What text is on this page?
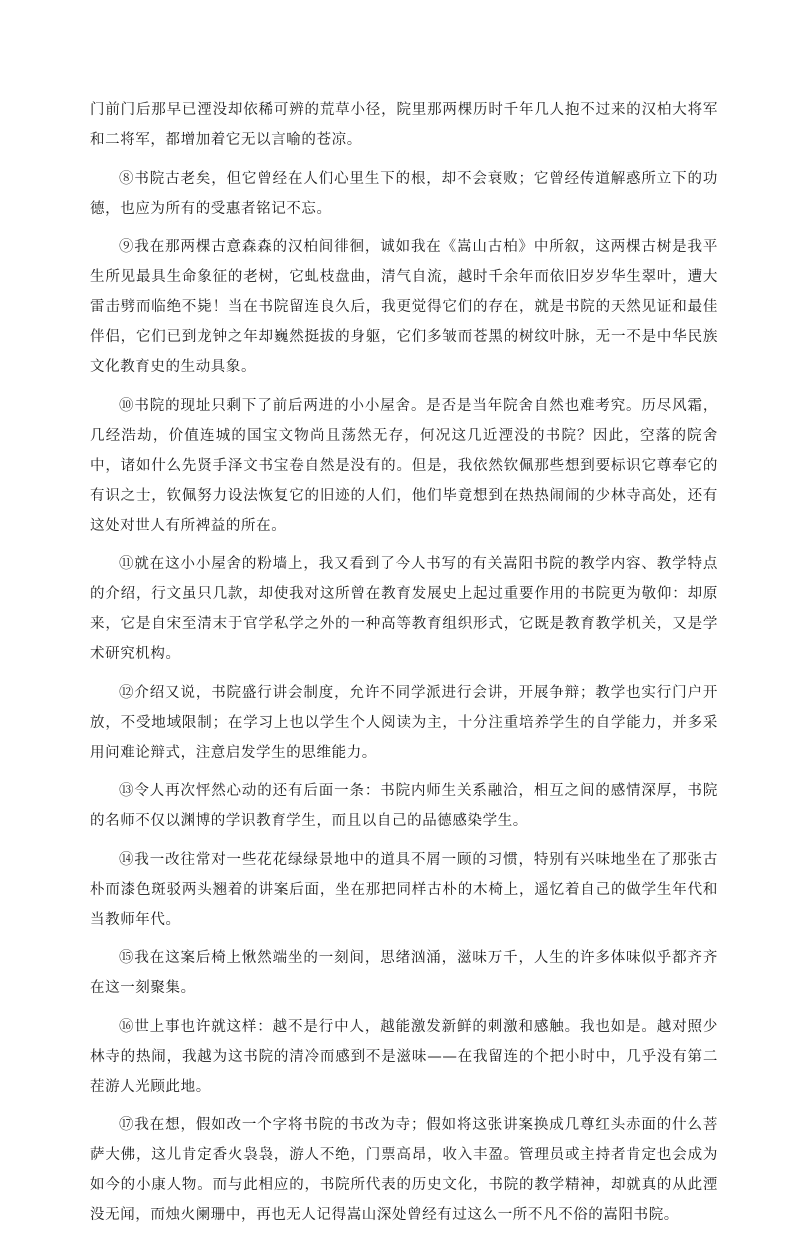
门前门后那早已湮没却依稀可辨的荒草小径，院里那两棵历时千年几人抱不过来的汉柏大将军和二将军，都增加着它无以言喻的苍凉。

⑧书院古老矣，但它曾经在人们心里生下的根，却不会衰败；它曾经传道解惑所立下的功德，也应为所有的受惠者铭记不忘。

⑨我在那两棵古意森森的汉柏间徘徊，诚如我在《嵩山古柏》中所叙，这两棵古树是我平生所见最具生命象征的老树，它虬枝盘曲，清气自流，越时千余年而依旧岁岁华生翠叶，遭大雷击劈而临绝不毙！当在书院留连良久后，我更觉得它们的存在，就是书院的天然见证和最佳伴侣，它们已到龙钟之年却巍然挺拔的身躯，它们多皱而苍黑的树纹叶脉，无一不是中华民族文化教育史的生动具象。

⑩书院的现址只剩下了前后两进的小小屋舍。是否是当年院舍自然也难考究。历尽风霜，几经浩劫，价值连城的国宝文物尚且荡然无存，何况这几近湮没的书院？因此，空落的院舍中，诸如什么先贤手泽文书宝卷自然是没有的。但是，我依然钦佩那些想到要标识它尊奉它的有识之士，钦佩努力设法恢复它的旧迹的人们，他们毕竟想到在热热闹闹的少林寺高处，还有这处对世人有所裨益的所在。

⑪就在这小小屋舍的粉墙上，我又看到了今人书写的有关嵩阳书院的教学内容、教学特点的介绍，行文虽只几款，却使我对这所曾在教育发展史上起过重要作用的书院更为敬仰：却原来，它是自宋至清末于官学私学之外的一种高等教育组织形式，它既是教育教学机关，又是学术研究机构。

⑫介绍又说，书院盛行讲会制度，允许不同学派进行会讲，开展争辩；教学也实行门户开放，不受地域限制；在学习上也以学生个人阅读为主，十分注重培养学生的自学能力，并多采用问难论辩式，注意启发学生的思维能力。

⑬令人再次怦然心动的还有后面一条：书院内师生关系融洽，相互之间的感情深厚，书院的名师不仅以渊博的学识教育学生，而且以自己的品德感染学生。

⑭我一改往常对一些花花绿绿景地中的道具不屑一顾的习惯，特别有兴味地坐在了那张古朴而漆色斑驳两头翘着的讲案后面，坐在那把同样古朴的木椅上，遥忆着自己的做学生年代和当教师年代。

⑮我在这案后椅上愀然端坐的一刻间，思绪汹涌，滋味万千，人生的许多体味似乎都齐齐在这一刻聚集。

⑯世上事也许就这样：越不是行中人，越能激发新鲜的刺激和感触。我也如是。越对照少林寺的热闹，我越为这书院的清冷而感到不是滋味——在我留连的个把小时中，几乎没有第二茬游人光顾此地。

⑰我在想，假如改一个字将书院的书改为寺；假如将这张讲案换成几尊红头赤面的什么菩萨大佛，这儿肯定香火袅袅，游人不绝，门票高昂，收入丰盈。管理员或主持者肯定也会成为如今的小康人物。而与此相应的，书院所代表的历史文化，书院的教学精神，却就真的从此湮没无闻，而烛火阑珊中，再也无人记得嵩山深处曾经有过这么一所不凡不俗的嵩阳书院。
